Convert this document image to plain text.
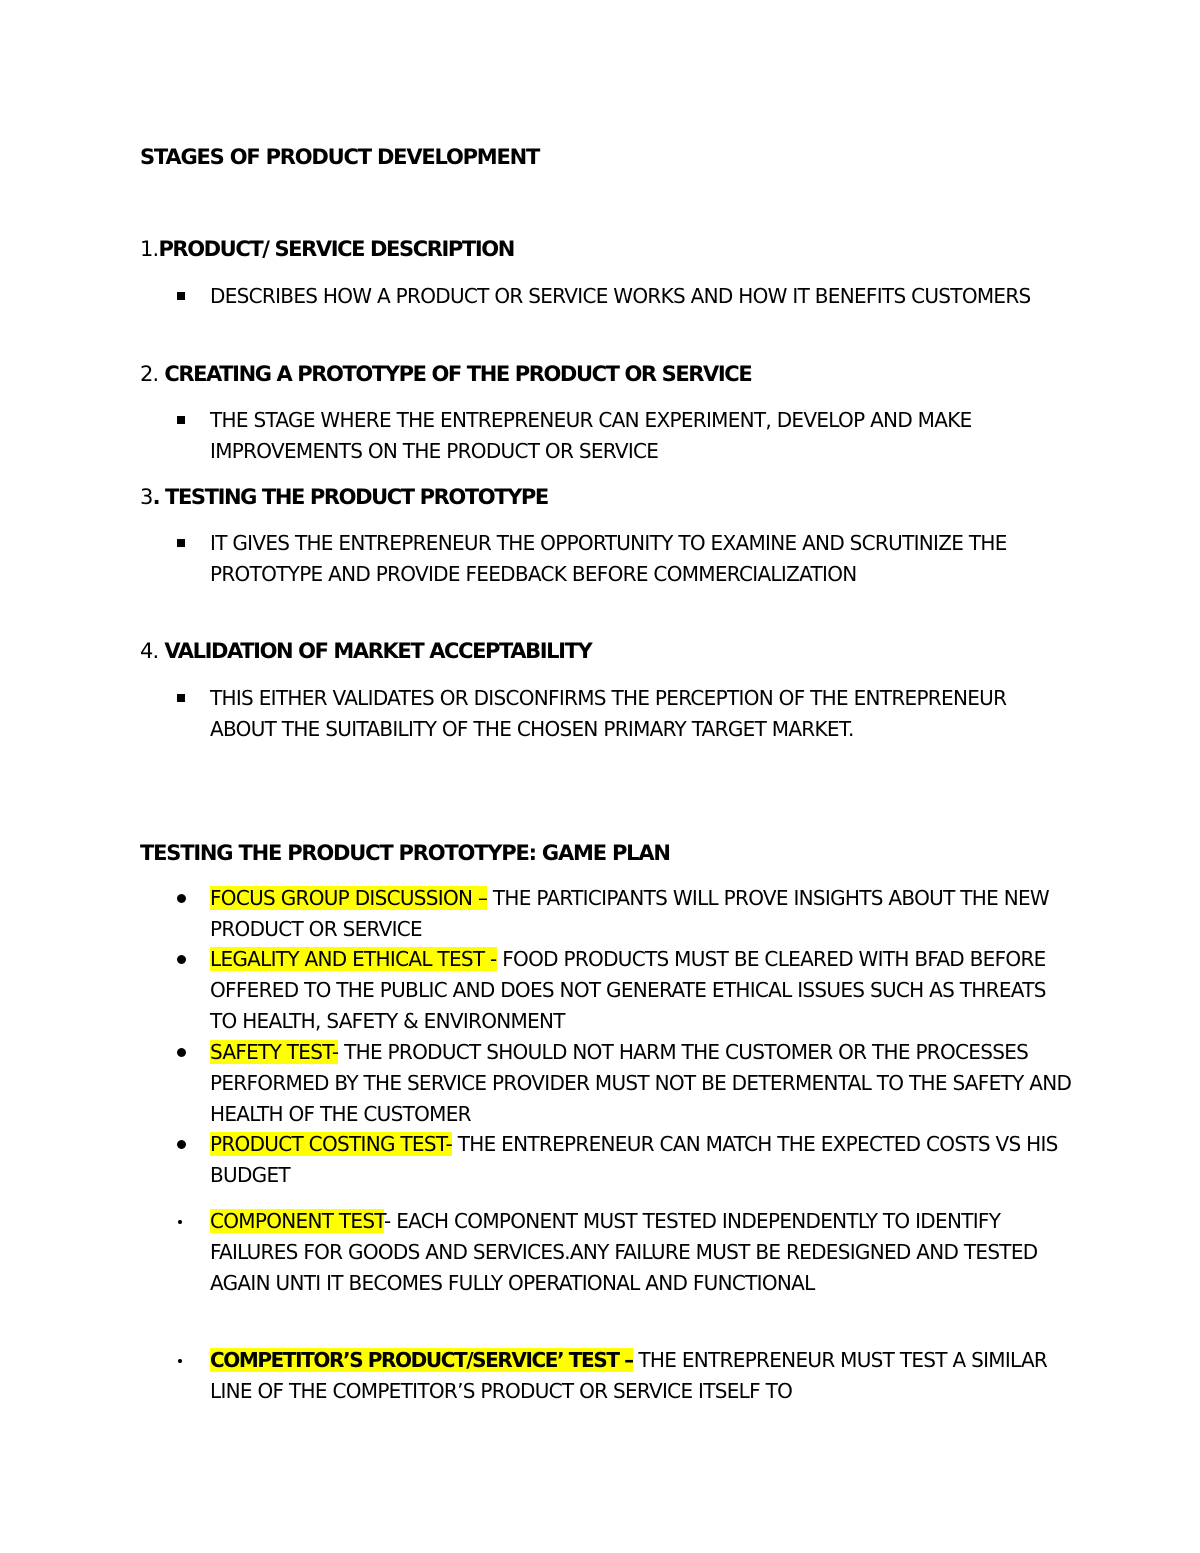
STAGES OF PRODUCT DEVELOPMENT
1.PRODUCT/ SERVICE DESCRIPTION
DESCRIBES HOW A PRODUCT OR SERVICE WORKS AND HOW IT BENEFITS CUSTOMERS
2. CREATING A PROTOTYPE OF THE PRODUCT OR SERVICE
THE STAGE WHERE THE ENTREPRENEUR CAN EXPERIMENT, DEVELOP AND MAKE IMPROVEMENTS ON THE PRODUCT OR SERVICE
3. TESTING THE PRODUCT PROTOTYPE
IT GIVES THE ENTREPRENEUR THE OPPORTUNITY TO EXAMINE AND SCRUTINIZE THE PROTOTYPE AND PROVIDE FEEDBACK BEFORE COMMERCIALIZATION
4. VALIDATION OF MARKET ACCEPTABILITY
THIS EITHER VALIDATES OR DISCONFIRMS THE PERCEPTION OF THE ENTREPRENEUR ABOUT THE SUITABILITY OF THE CHOSEN PRIMARY TARGET MARKET.
TESTING THE PRODUCT PROTOTYPE: GAME PLAN
FOCUS GROUP DISCUSSION – THE PARTICIPANTS WILL PROVE INSIGHTS ABOUT THE NEW PRODUCT OR SERVICE
LEGALITY AND ETHICAL TEST - FOOD PRODUCTS MUST BE CLEARED WITH BFAD BEFORE OFFERED TO THE PUBLIC AND DOES NOT GENERATE ETHICAL ISSUES SUCH AS THREATS TO HEALTH, SAFETY & ENVIRONMENT
SAFETY TEST- THE PRODUCT SHOULD NOT HARM THE CUSTOMER OR THE PROCESSES PERFORMED BY THE SERVICE PROVIDER MUST NOT BE DETERMENTAL TO THE SAFETY AND HEALTH OF THE CUSTOMER
PRODUCT COSTING TEST- THE ENTREPRENEUR CAN MATCH THE EXPECTED COSTS VS HIS BUDGET
COMPONENT TEST- EACH COMPONENT MUST TESTED INDEPENDENTLY TO IDENTIFY FAILURES FOR GOODS AND SERVICES.ANY FAILURE MUST BE REDESIGNED AND TESTED AGAIN UNTI IT BECOMES FULLY OPERATIONAL AND FUNCTIONAL
COMPETITOR’S PRODUCT/SERVICE’ TEST – THE ENTREPRENEUR MUST TEST A SIMILAR LINE OF THE COMPETITOR’S PRODUCT OR SERVICE ITSELF TO
